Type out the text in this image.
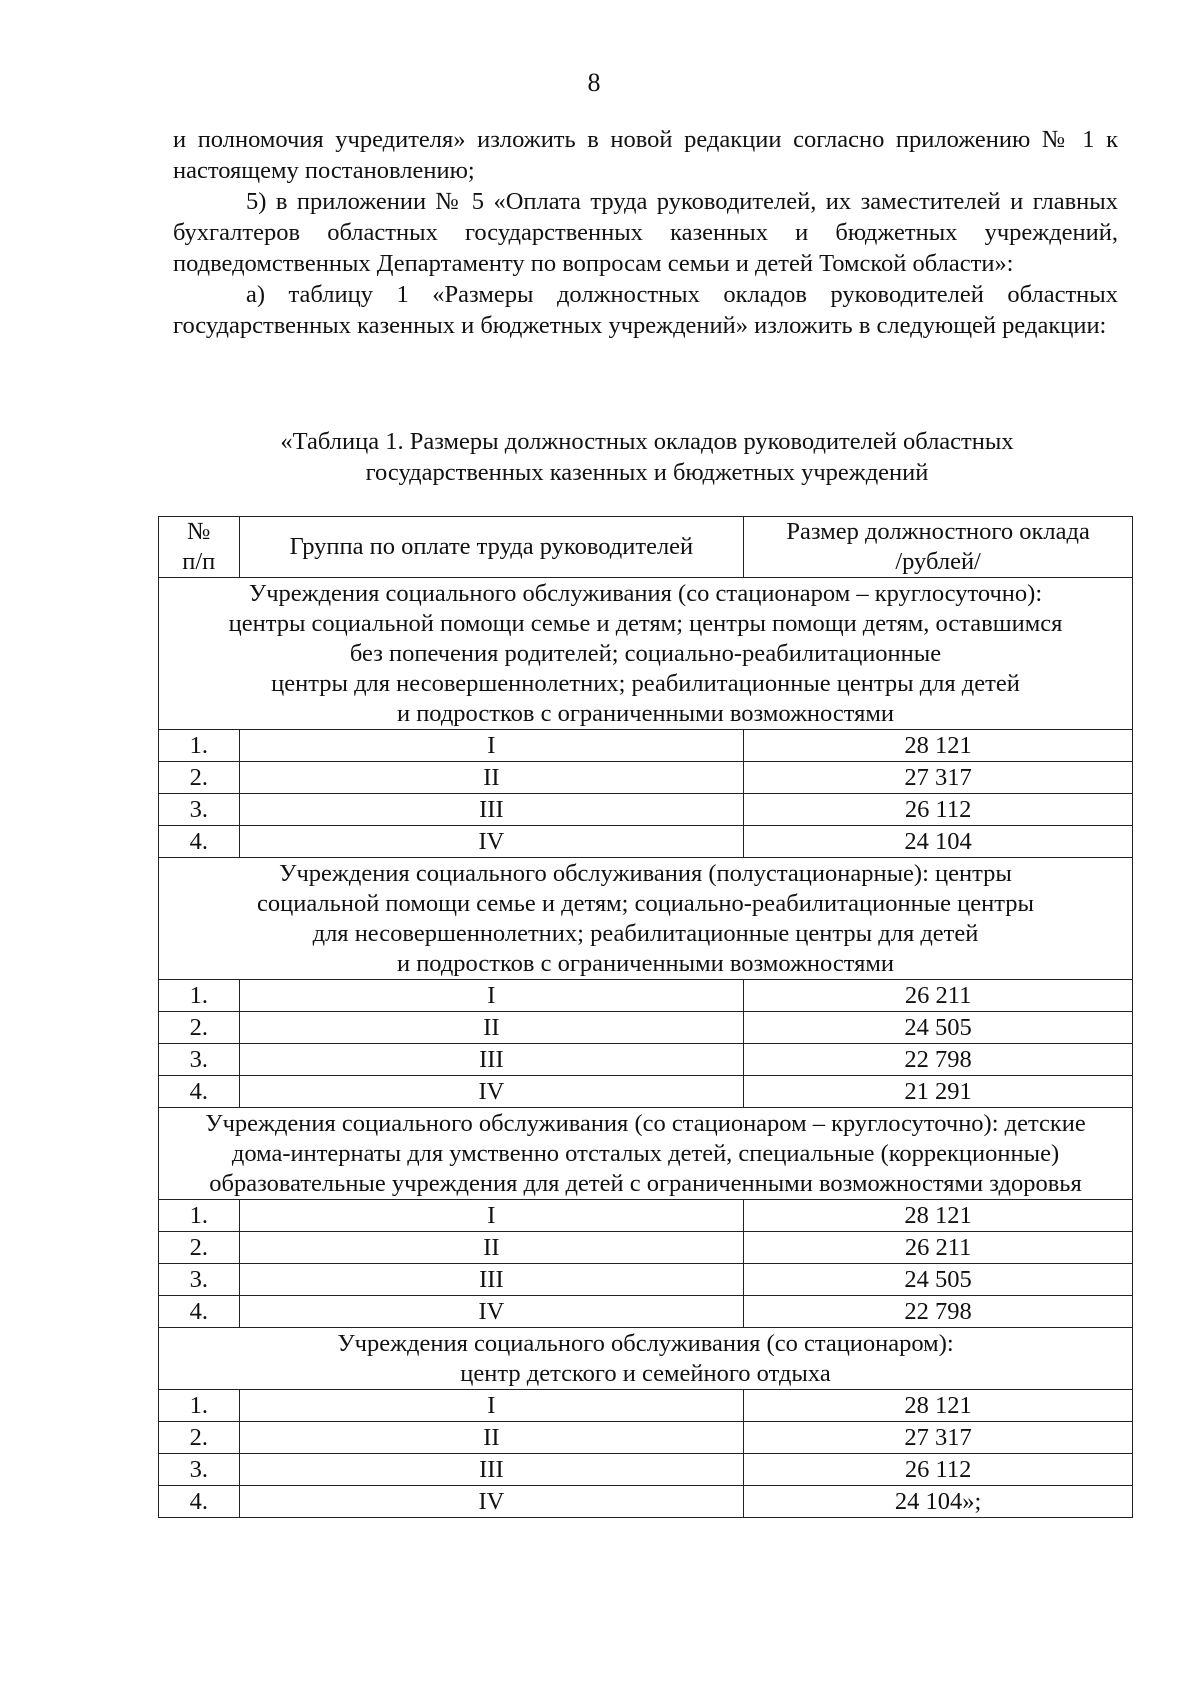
8

и полномочия учредителя» изложить в новой редакции согласно приложению № 1 к настоящему постановлению;

5) в приложении № 5 «Оплата труда руководителей, их заместителей и главных бухгалтеров областных государственных казенных и бюджетных учреждений, подведомственных Департаменту по вопросам семьи и детей Томской области»:

а) таблицу 1 «Размеры должностных окладов руководителей областных государственных казенных и бюджетных учреждений» изложить в следующей редакции:

«Таблица 1. Размеры должностных окладов руководителей областных
государственных казенных и бюджетных учреждений
№
п/п	Группа по оплате труда руководителей	Размер должностного оклада
/рублей/
Учреждения социального обслуживания (со стационаром – круглосуточно):
центры социальной помощи семье и детям; центры помощи детям, оставшимся
без попечения родителей; социально-реабилитационные
центры для несовершеннолетних; реабилитационные центры для детей
и подростков с ограниченными возможностями		
1.	I	28 121
2.	II	27 317
3.	III	26 112
4.	IV	24 104
Учреждения социального обслуживания (полустационарные): центры
социальной помощи семье и детям; социально-реабилитационные центры
для несовершеннолетних; реабилитационные центры для детей
и подростков с ограниченными возможностями		
1.	I	26 211
2.	II	24 505
3.	III	22 798
4.	IV	21 291
Учреждения социального обслуживания (со стационаром – круглосуточно): детские
дома-интернаты для умственно отсталых детей, специальные (коррекционные)
образовательные учреждения для детей с ограниченными возможностями здоровья		
1.	I	28 121
2.	II	26 211
3.	III	24 505
4.	IV	22 798
Учреждения социального обслуживания (со стационаром):
центр детского и семейного отдыха		
1.	I	28 121
2.	II	27 317
3.	III	26 112
4.	IV	24 104»;
